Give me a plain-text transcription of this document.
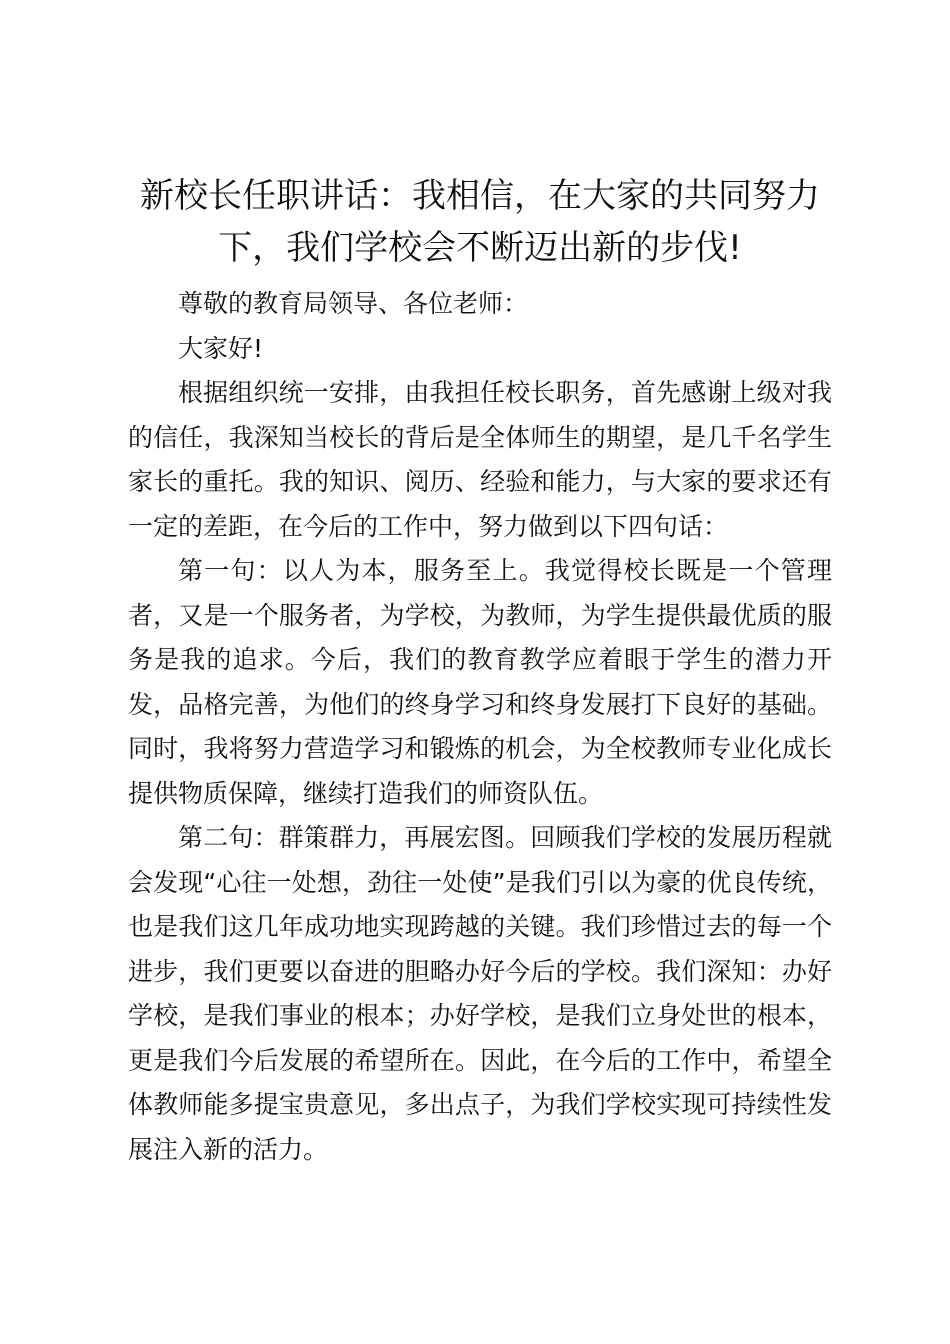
新校长任职讲话：我相信，在大家的共同努力下，我们学校会不断迈出新的步伐!

尊敬的教育局领导、各位老师：

大家好!

根据组织统一安排，由我担任校长职务，首先感谢上级对我的信任，我深知当校长的背后是全体师生的期望，是几千名学生家长的重托。我的知识、阅历、经验和能力，与大家的要求还有一定的差距，在今后的工作中，努力做到以下四句话：

第一句：以人为本，服务至上。我觉得校长既是一个管理者，又是一个服务者，为学校，为教师，为学生提供最优质的服务是我的追求。今后，我们的教育教学应着眼于学生的潜力开发，品格完善，为他们的终身学习和终身发展打下良好的基础。同时，我将努力营造学习和锻炼的机会，为全校教师专业化成长提供物质保障，继续打造我们的师资队伍。

第二句：群策群力，再展宏图。回顾我们学校的发展历程就会发现“心往一处想，劲往一处使”是我们引以为豪的优良传统，也是我们这几年成功地实现跨越的关键。我们珍惜过去的每一个进步，我们更要以奋进的胆略办好今后的学校。我们深知：办好学校，是我们事业的根本；办好学校，是我们立身处世的根本，更是我们今后发展的希望所在。因此，在今后的工作中，希望全体教师能多提宝贵意见，多出点子，为我们学校实现可持续性发展注入新的活力。
